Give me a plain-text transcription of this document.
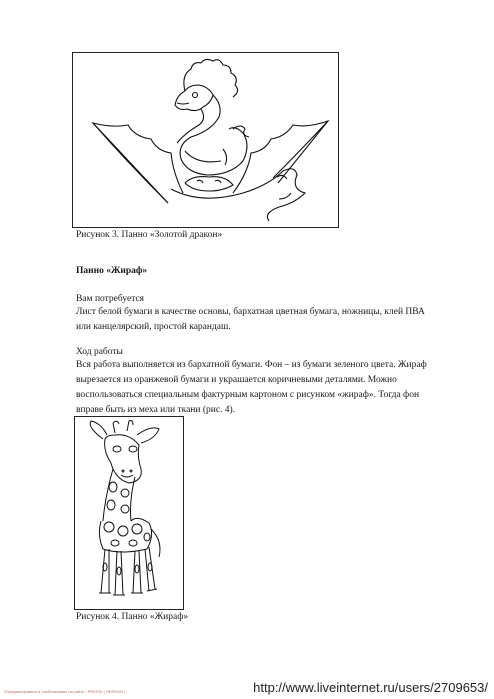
Рисунок 3. Панно «Золотой дракон»
Панно «Жираф»
Вам потребуется
Лист белой бумаги в качестве основы, бархатная цветная бумага, ножницы, клей ПВА
или канцелярский, простой карандаш.
Ход работы
Вся работа выполняется из бархатной бумаги. Фон – из бумаги зеленого цвета. Жираф
вырезается из оранжевой бумаги и украшается коричневыми деталями. Можно
воспользоваться специальным фактурным картоном с рисунком «жираф». Тогда фон
вправе быть из меха или ткани (рис. 4).
Рисунок 4. Панно «Жираф»
Отредактировано и опубликовано на сайте : PRESSI ( HERSON )	http://www.liveinternet.ru/users/2709653/
